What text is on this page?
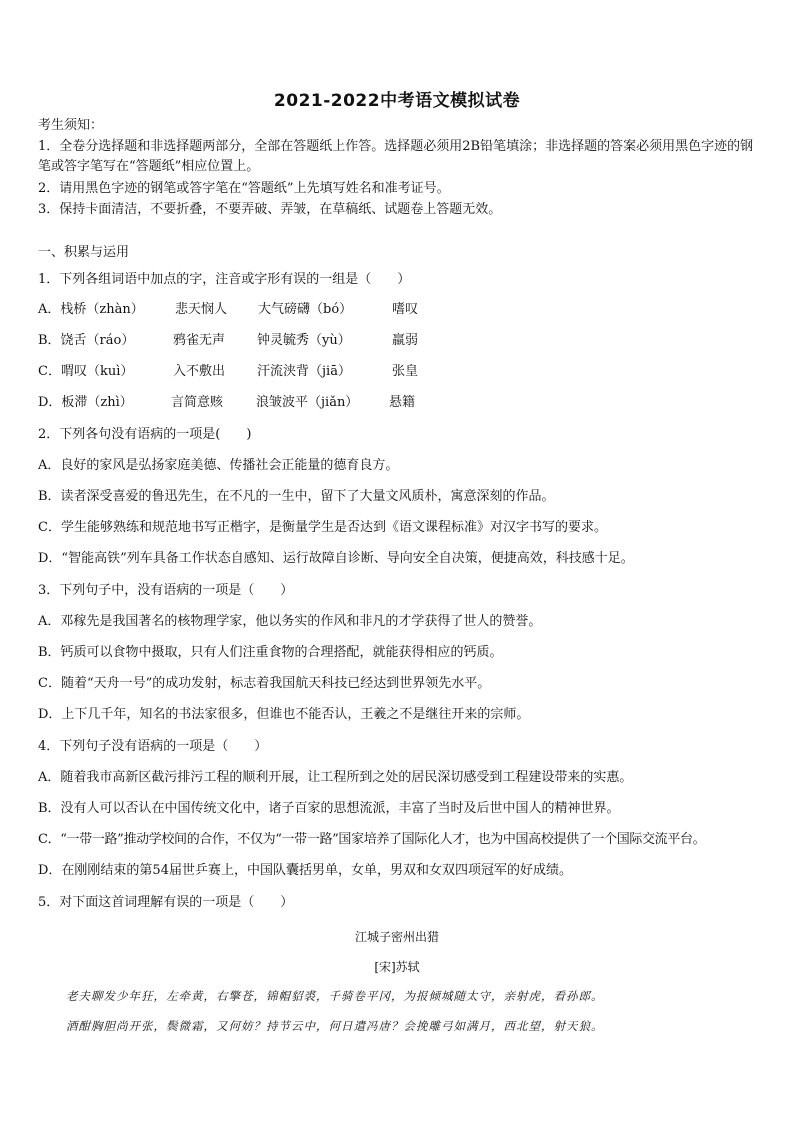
2021-2022中考语文模拟试卷
考生须知：
1．全卷分选择题和非选择题两部分，全部在答题纸上作答。选择题必须用2B铅笔填涂；非选择题的答案必须用黑色字迹的钢笔或答字笔写在“答题纸”相应位置上。
2．请用黑色字迹的钢笔或答字笔在“答题纸”上先填写姓名和准考证号。
3．保持卡面清洁，不要折叠，不要弄破、弄皱，在草稿纸、试题卷上答题无效。
一、积累与运用
1．下列各组词语中加点的字，注音或字形有误的一组是（　　）
A．栈桥（zhàn） 悲天悯人 大气磅礴（bó）	嗜叹
B．饶舌（ráo）	鸦雀无声 钟灵毓秀（yù）	羸弱
C．喟叹（kuì）	入不敷出 汗流浃背（jiā）	张皇
D．板滞（zhì）	言简意赅	浪皱波平（jiǎn） 悬籍
2．下列各句没有语病的一项是(　　)
A．良好的家风是弘扬家庭美德、传播社会正能量的德育良方。
B．读者深受喜爱的鲁迅先生，在不凡的一生中，留下了大量文风质朴，寓意深刻的作品。
C．学生能够熟练和规范地书写正楷字，是衡量学生是否达到《语文课程标准》对汉字书写的要求。
D．“智能高铁”列车具备工作状态自感知、运行故障自诊断、导向安全自决策，便捷高效，科技感十足。
3．下列句子中，没有语病的一项是（　　）
A．邓稼先是我国著名的核物理学家，他以务实的作风和非凡的才学获得了世人的赞誉。
B．钙质可以食物中摄取，只有人们注重食物的合理搭配，就能获得相应的钙质。
C．随着“天舟一号”的成功发射，标志着我国航天科技已经达到世界领先水平。
D．上下几千年，知名的书法家很多，但谁也不能否认，王羲之不是继往开来的宗师。
4．下列句子没有语病的一项是（　　）
A．随着我市高新区截污排污工程的顺利开展，让工程所到之处的居民深切感受到工程建设带来的实惠。
B．没有人可以否认在中国传统文化中，诸子百家的思想流派，丰富了当时及后世中国人的精神世界。
C．“一带一路”推动学校间的合作，不仅为“一带一路”国家培养了国际化人才，也为中国高校提供了一个国际交流平台。
D．在刚刚结束的第54届世乒赛上，中国队囊括男单，女单，男双和女双四项冠军的好成绩。
5．对下面这首词理解有误的一项是（　　）
江城子密州出猎
[宋]苏轼
老夫聊发少年狂，左牵黄，右擎苍，锦帽貂裘，千骑卷平冈，为报倾城随太守，亲射虎，看孙郎。
酒酣胸胆尚开张，鬓微霜，又何妨？持节云中，何日遣冯唐？会挽雕弓如满月，西北望，射天狼。
